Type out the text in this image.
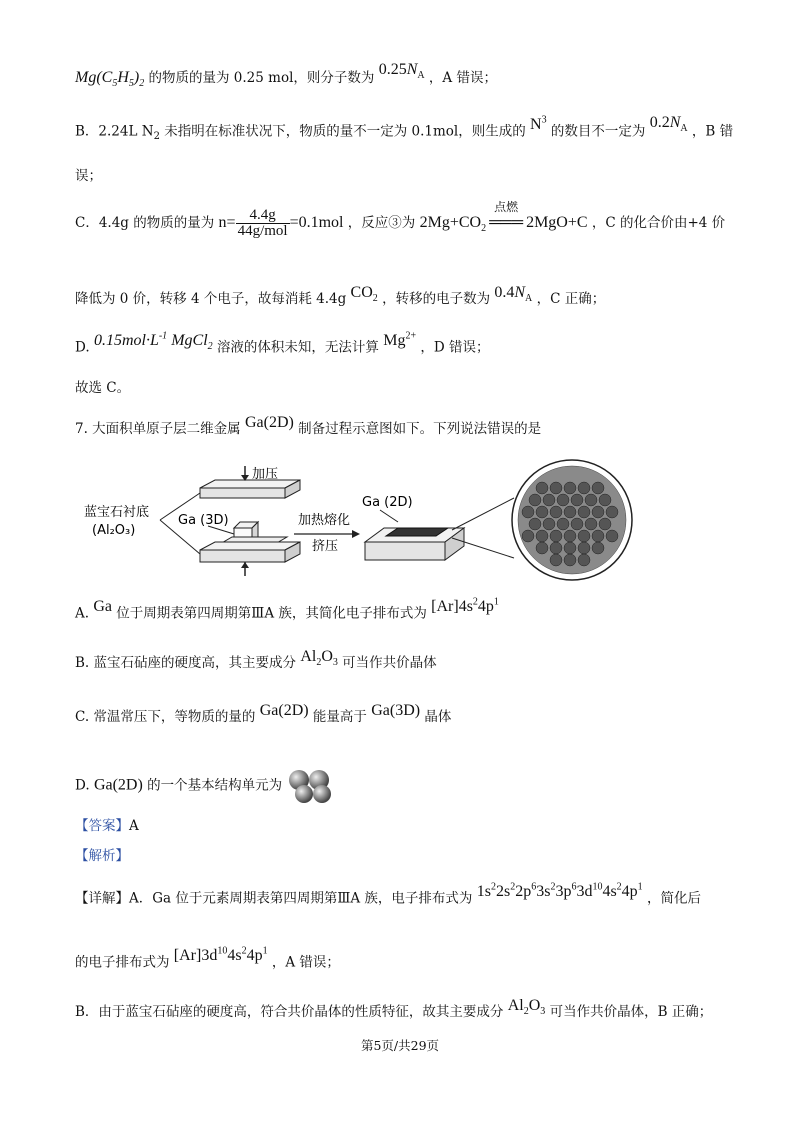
$Mg(C_5H_5)_2$ 的物质的量为 0.25 mol，则分子数为 $0.25N_A$ ，A 错误；
B．2.24L $N_2$ 未指明在标准状况下，物质的量不一定为 0.1mol，则生成的 $N^3$ 的数目不一定为 $0.2N_A$ ，B 错
误；
C．4.4g 的物质的量为 $n= \frac{4.4g}{\text{44g/mol}} =0.1mol$ ，反应③为 $2Mg+CO_2$
点燃
═══ 2MgO+C ，C 的化合价由+4 价
降低为 0 价，转移 4 个电子，故每消耗 4.4g $CO_2$ ，转移的电子数为 $0.4N_A$ ，C 正确；
D. $0.15mol\cdot L^{-1}$ MgCl$_2$ 溶液的体积未知，无法计算 $Mg^{2+}$ ，D 错误；
故选 C。
7. 大面积单原子层二维金属 Ga(2D) 制备过程示意图如下。下列说法错误的是
加压
蓝宝石衬底
(Al₂O₃)
Ga (3D)	加热熔化
挤压
Ga (2D)
A. Ga 位于周期表第四周期第ⅢA 族，其简化电子排布式为 $[Ar]4s^24p^1$
B. 蓝宝石砧座的硬度高，其主要成分 $Al_2O_3$ 可当作共价晶体
C. 常温常压下，等物质的量的 Ga(2D) 能量高于 Ga(3D) 晶体
D. Ga(2D) 的一个基本结构单元为
【答案】A
【解析】
【详解】A．Ga 位于元素周期表第四周期第ⅢA 族，电子排布式为 $1s^22s^22p^63s^23p^63d^{10}4s^24p^1$ ，简化后
的电子排布式为 $[Ar]3d^{10}4s^24p^1$ ，A 错误；
B．由于蓝宝石砧座的硬度高，符合共价晶体的性质特征，故其主要成分 $Al_2O_3$ 可当作共价晶体，B 正确；
第5页/共29页
